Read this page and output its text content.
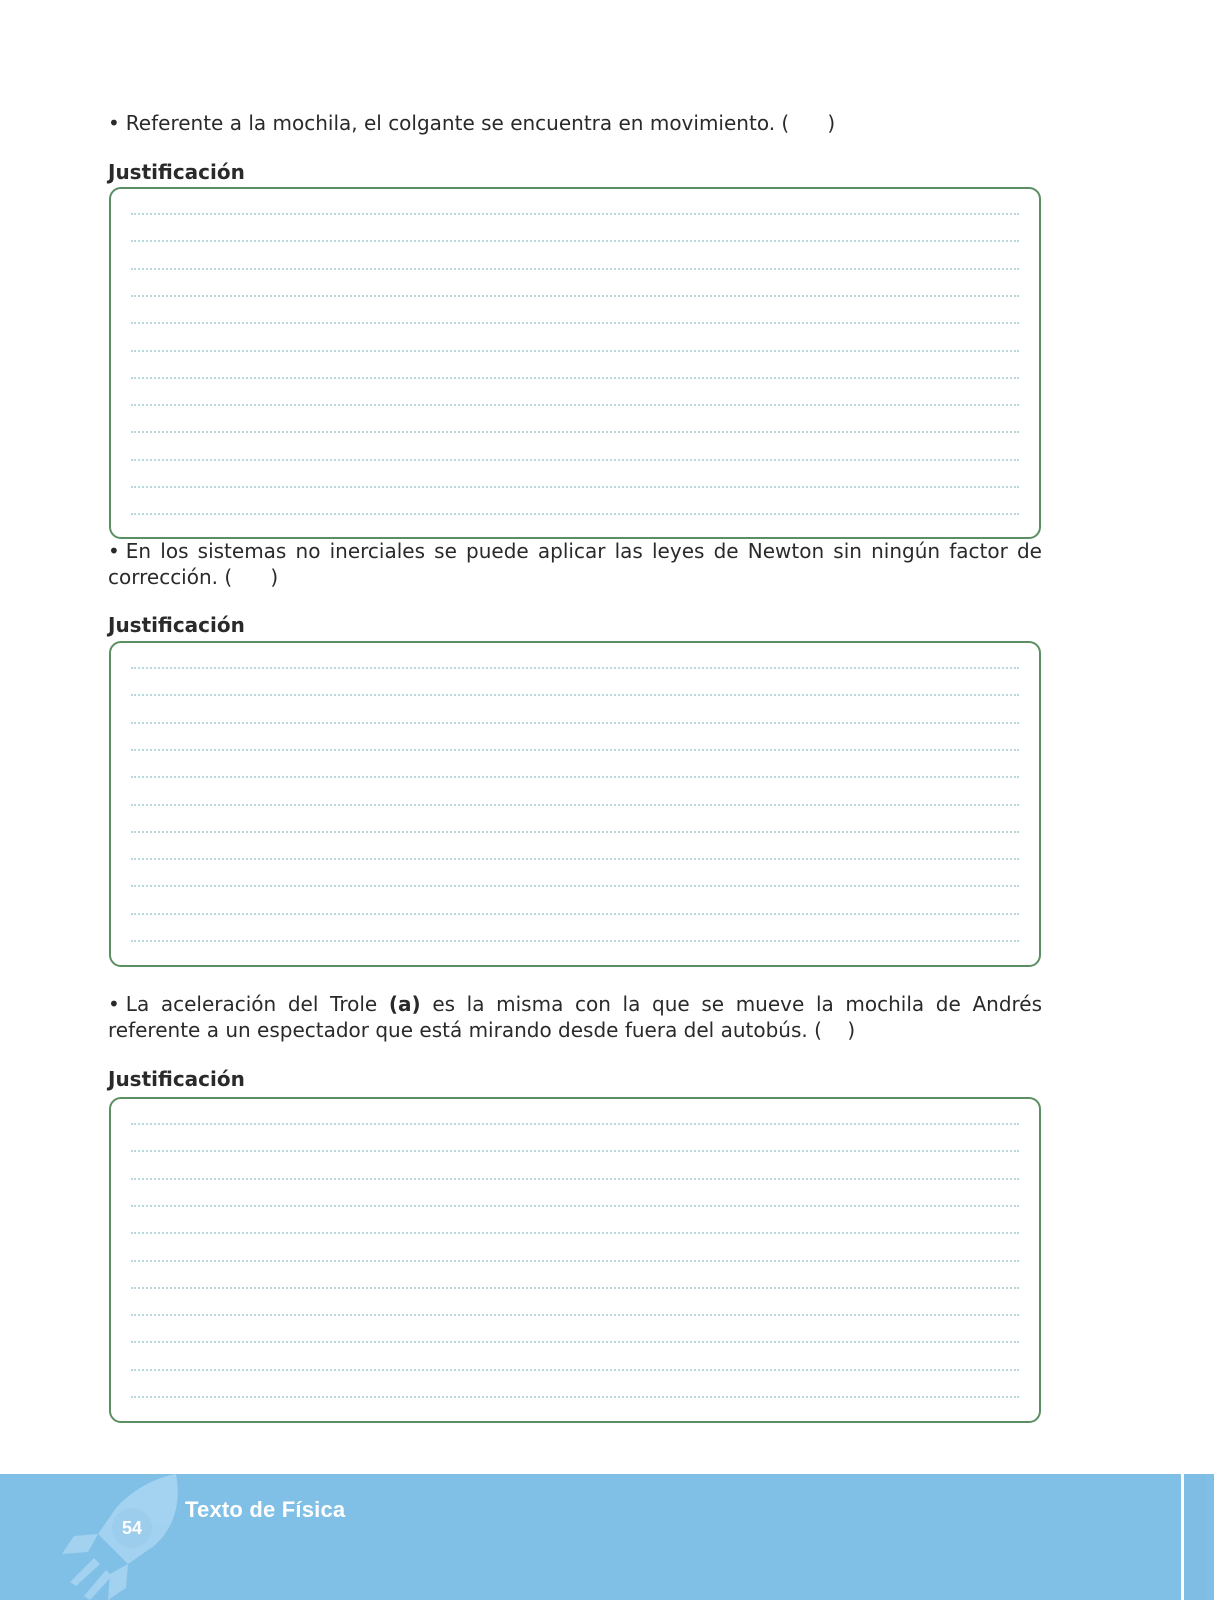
• Referente a la mochila, el colgante se encuentra en movimiento. (      )
Justificación
• En los sistemas no inerciales se puede aplicar las leyes de Newton sin ningún factor de corrección. (      )
Justificación
• La aceleración del Trole (a) es la misma con la que se mueve la mochila de Andrés referente a un espectador que está mirando desde fuera del autobús. (    )
Justificación
54
Texto de Física
